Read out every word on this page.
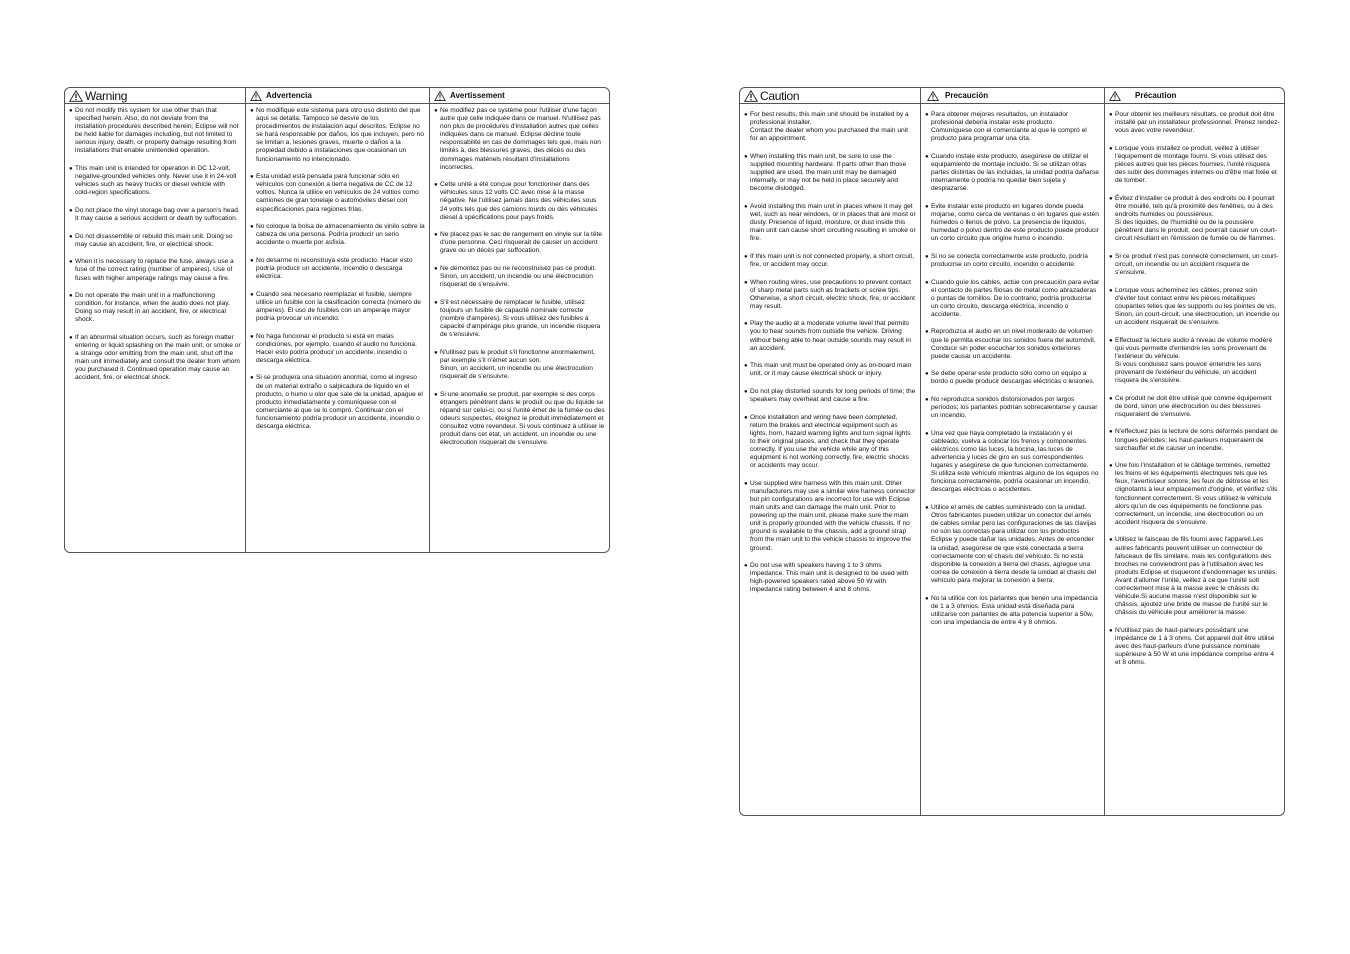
Warning
● Do not modify this system for use other than that specified herein. Also, do not deviate from the installation procedures described herein; Eclipse will not be held liable for damages including, but not limited to serious injury, death, or property damage resulting from installations that enable unintended operation.
● This main unit is intended for operation in DC 12-volt, negative-grounded vehicles only. Never use it in 24-volt vehicles such as heavy trucks or diesel vehicle with cold-region specifications.
● Do not place the vinyl storage bag over a person's head. It may cause a serious accident or death by suffocation.
● Do not disassemble or rebuild this main unit. Doing so may cause an accident, fire, or electrical shock.
● When it is necessary to replace the fuse, always use a fuse of the correct rating (number of amperes). Use of fuses with higher amperage ratings may cause a fire.
● Do not operate the main unit in a malfunctioning condition, for instance, when the audio does not play. Doing so may result in an accident, fire, or electrical shock.
● If an abnormal situation occurs, such as foreign matter entering or liquid splashing on the main unit, or smoke or a strange odor emitting from the main unit, shut off the main unit immediately and consult the dealer from whom you purchased it. Continued operation may cause an accident, fire, or electrical shock.
Advertencia
● No modifique este sistema para otro uso distinto del que aquí se detalla. Tampoco se desvíe de los procedimientos de instalación aquí descritos. Eclipse no se hará responsable por daños, los que incluyen, pero no se limitan a, lesiones graves, muerte o daños a la propiedad debido a instalaciones que ocasionan un funcionamiento no intencionado.
● Esta unidad está pensada para funcionar sólo en vehículos con conexión a tierra negativa de CC de 12 voltios. Nunca la utilice en vehículos de 24 voltios como camiones de gran tonelaje o automóviles diesel con especificaciones para regiones frías.
● No coloque la bolsa de almacenamiento de vinilo sobre la cabeza de una persona. Podría producir un serio accidente o muerte por asfixia.
● No desarme ni reconstruya este producto. Hacer esto podría producir un accidente, incendio o descarga eléctrica.
● Cuando sea necesario reemplazar el fusible, siempre utilice un fusible con la clasificación correcta (número de amperes). El uso de fusibles con un amperaje mayor podría provocar un incendio.
● No haga funcionar el producto si está en malas condiciones, por ejemplo, cuando el audio no funciona.
Hacer esto podría producir un accidente, incendio o descarga eléctrica.
● Si se produjera una situación anormal, como el ingreso de un material extraño o salpicadura de líquido en el producto, o humo u olor que sale de la unidad, apague el producto inmediatamente y comuníquese con el comerciante al que se lo compró. Continuar con el funcionamiento podría producir un accidente, incendio o descarga eléctrica.
Avertissement
● Ne modifiez pas ce système pour l'utiliser d'une façon autre que celle indiquée dans ce manuel. N'utilisez pas non plus de procédures d'installation autres que celles indiquées dans ce manuel. Eclipse décline toute responsabilité en cas de dommages tels que, mais non limités à, des blessures graves, des décès ou des dommages matériels résultant d'installations incorrectes.
● Cette unité a été conçue pour fonctionner dans des véhicules sous 12 volts CC avec mise à la masse négative. Ne l'utilisez jamais dans des véhicules sous 24 volts tels que des camions lourds ou des véhicules diesel à spécifications pour pays froids.
● Ne placez pas le sac de rangement en vinyle sur la tête d'une personne. Ceci risquerait de causer un accident grave ou un décès par suffocation.
● Ne démontez pas ou ne reconstruisez pas ce produit. Sinon, un accident, un incendie ou une électrocution risquerait de s'ensuivre.
● S'il est nécessaire de remplacer le fusible, utilisez toujours un fusible de capacité nominale correcte (nombre d'ampères). Si vous utilisez des fusibles à capacité d'ampérage plus grande, un incendie risquera de s'ensuivre.
● N'utilisez pas le produit s'il fonctionne anormalement, par exemple s'il n'émet aucun son.
Sinon, un accident, un incendie ou une électrocution risquerait de s'ensuivre.
● Si une anomalie se produit, par exemple si des corps étrangers pénètrent dans le produit ou que du liquide se répand sur celui-ci, ou si l'unité émet de la fumée ou des odeurs suspectes, éteignez le produit immédiatement et consultez votre revendeur. Si vous continuez à utiliser le produit dans cet état, un accident, un incendie ou une électrocution risquerait de s'ensuivre.
Caution
● For best results, this main unit should be installed by a professional installer.
Contact the dealer whom you purchased the main unit for an appointment.
● When installing this main unit, be sure to use the supplied mounting hardware. If parts other than those supplied are used, the main unit may be damaged internally, or may not be held in place securely and become dislodged.
● Avoid installing this main unit in places where it may get wet, such as near windows, or in places that are moist or dusty. Presence of liquid, moisture, or dust inside this main unit can cause short circuiting resulting in smoke or fire.
● If this main unit is not connected properly, a short circuit, fire, or accident may occur.
● When routing wires, use precautions to prevent contact of sharp metal parts such as brackets or screw tips. Otherwise, a short circuit, electric shock, fire, or accident may result.
● Play the audio at a moderate volume level that permits you to hear sounds from outside the vehicle. Driving without being able to hear outside sounds may result in an accident.
● This main unit must be operated only as on-board main unit, or it may cause electrical shock or injury.
● Do not play distorted sounds for long periods of time; the speakers may overheat and cause a fire.
● Once installation and wiring have been completed, return the brakes and electrical equipment such as lights, horn, hazard warning lights and turn signal lights to their original places, and check that they operate correctly. If you use the vehicle while any of this equipment is not working correctly, fire, electric shocks or accidents may occur.
● Use supplied wire harness with this main unit. Other manufacturers may use a similar wire harness connector but pin configurations are incorrect for use with Eclipse main units and can damage the main unit. Prior to powering up the main unit, please make sure the main unit is properly grounded with the vehicle chassis. If no ground is available to the chassis, add a ground strap from the main unit to the vehicle chassis to improve the ground.
● Do not use with speakers having 1 to 3 ohms impedance. This main unit is designed to be used with high-powered speakers rated above 50 W with impedance rating between 4 and 8 ohms.
Precaución
● Para obtener mejores resultados, un instalador profesional debería instalar este producto.
Comuníquese con el comerciante al que le compró el producto para programar una cita.
● Cuando instale este producto, asegúrese de utilizar el equipamiento de montaje incluido. Si se utilizan otras partes distintas de las incluidas, la unidad podría dañarse internamente o podría no quedar bien sujeta y desplazarse.
● Evite instalar este producto en lugares donde pueda mojarse, como cerca de ventanas o en lugares que estén húmedos o llenos de polvo. La presencia de líquidos, humedad o polvo dentro de este producto puede producir un corto circuito que origine humo o incendio.
● Si no se conecta correctamente este producto, podría producirse un corto circuito, incendio o accidente.
● Cuando guíe los cables, actúe con precaución para evitar el contacto de partes filosas de metal como abrazaderas o puntas de tornillos. De lo contrario, podría producirse un corto circuito, descarga eléctrica, incendio o accidente.
● Reproduzca el audio en un nivel moderado de volumen que le permita escuchar los sonidos fuera del automóvil.
Conducir sin poder escuchar los sonidos exteriores puede causar un accidente.
● Se debe operar este producto sólo como un equipo a bordo o puede producir descargas eléctricas o lesiones.
● No reproduzca sonidos distorsionados por largos períodos; los parlantes podrían sobrecalentarse y causar un incendio.
● Una vez que haya completado la instalación y el cableado, vuelva a colocar los frenos y componentes eléctricos como las luces, la bocina, las luces de advertencia y luces de giro en sus correspondientes lugares y asegúrese de que funcionen correctamente.
Si utiliza este vehículo mientras alguno de los equipos no funciona correctamente, podría ocasionar un incendio, descargas eléctricas o accidentes.
● Utilice el arnés de cables suministrado con la unidad. Otros fabricantes pueden utilizar un conector del arnés de cables similar pero las configuraciones de las clavijas no son las correctas para utilizar con los productos Eclipse y puede dañar las unidades. Antes de encender la unidad, asegúrese de que esté conectada a tierra correctamente con el chasis del vehículo. Si no está disponible la conexión a tierra del chasis, agregue una correa de conexión a tierra desde la unidad al chasis del vehículo para mejorar la conexión a tierra.
● No la utilice con los parlantes que tienen una impedancia de 1 a 3 ohmios. Esta unidad está diseñada para utilizarse con parlantes de alta potencia superior a 50w, con una impedancia de entre 4 y 8 ohmios.
Précaution
● Pour obtenir les meilleurs résultats, ce produit doit être installé par un installateur professionnel. Prenez rendez-vous avec votre revendeur.
● Lorsque vous installez ce produit, veillez à utiliser l'équipement de montage fourni. Si vous utilisez des pièces autres que les pièces fournies, l'unité risquera des subir des dommages internes ou d'être mal fixée et de tomber.
● Évitez d'installer ce produit à des endroits où il pourrait être mouillé, tels qu'à proximité des fenêtres, ou à des endroits humides ou poussiéreux.
Si des liquides, de l'humidité ou de la poussière pénètrent dans le produit, ceci pourrait causer un court-circuit résultant en l'émission de fumée ou de flammes.
● Si ce produit n'est pas connecté correctement, un court-circuit, un incendie ou un accident risquera de s'ensuivre.
● Lorsque vous acheminez les câbles, prenez soin d'éviter tout contact entre les pièces métalliques coupantes telles que les supports ou les pointes de vis. Sinon, un court-circuit, une électrocution, un incendie ou un accident risquerait de s'ensuivre.
● Effectuez la lecture audio à niveau de volume modéré qui vous permette d'entendre les sons provenant de l'extérieur du véhicule.
Si vous conduisez sans pouvoir entendre les sons provenant de l'extérieur du véhicule, un accident risquera de s'ensuivre.
● Ce produit ne doit être utilisé que comme équipement de bord, sinon une électrocution ou des blessures risqueraient de s'ensuivre.
● N'effectuez pas la lecture de sons déformés pendant de longues périodes; les haut-parleurs risqueraient de surchauffer et de causer un incendie.
● Une fois l'installation et le câblage terminés, remettez les freins et les équipements électriques tels que les feux, l'avertisseur sonore, les feux de détresse et les clignotants à leur emplacement d'origine, et vérifiez s'ils fonctionnent correctement. Si vous utilisez le véhicule alors qu'un de ces équipements ne fonctionne pas correctement, un incendie, une électrocution ou un accident risquera de s'ensuivre.
● Utilisez le faisceau de fils fourni avec l'appareil.Les autres fabricants peuvent utiliser un connecteur de faisceaux de fils similaire, mais les configurations des broches ne conviendront pas à l'utilisation avec les produits Eclipse et risqueront d'endommager les unités. Avant d'allumer l'unité, veillez à ce que l'unité soit correctement mise à la masse avec le châssis du véhicule.Si aucune masse n'est disponible sur le châssis, ajoutez une bride de masse de l'unité sur le châssis du véhicule pour améliorer la masse.
● N'utilisez pas de haut-parleurs possédant une impédance de 1 à 3 ohms. Cet appareil doit être utilisé avec des haut-parleurs d'une puissance nominale supérieure à 50 W et une impédance comprise entre 4 et 8 ohms.
